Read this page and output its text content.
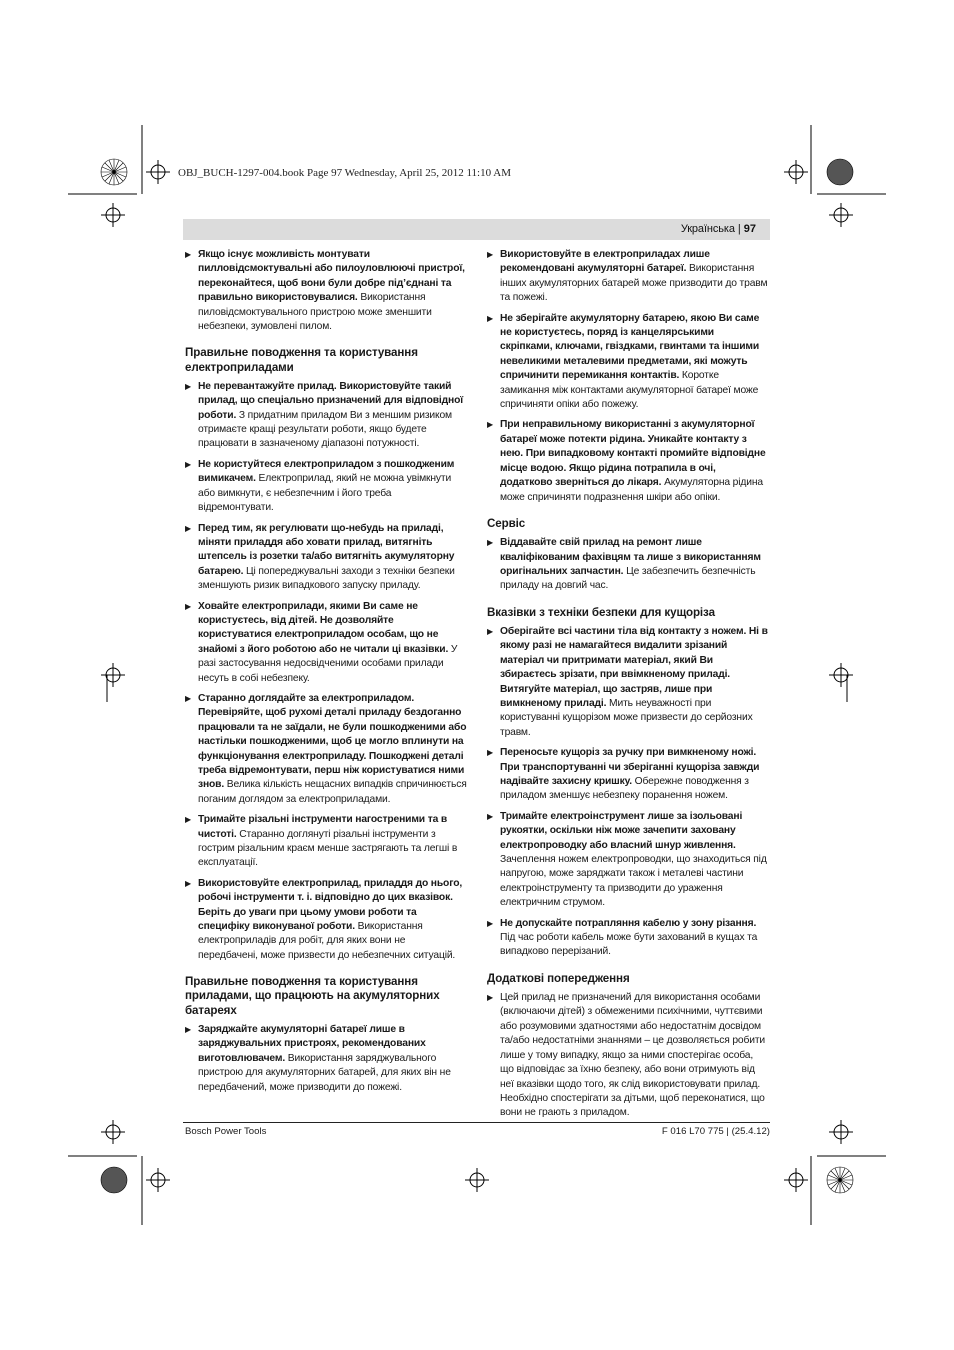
OBJ_BUCH-1297-004.book Page 97 Wednesday, April 25, 2012 11:10 AM
Українська | 97
▶ Якщо існує можливість монтувати пилловідсмоктувальні або пилоуловлюючі пристрої, переконайтеся, щоб вони були добре під’єднані та правильно використовувалися. Використання пиловідсмоктувального пристрою може зменшити небезпеки, зумовлені пилом.
Правильне поводження та користування електроприладами
▶ Не перевантажуйте прилад. Використовуйте такий прилад, що спеціально призначений для відповідної роботи. З придатним приладом Ви з меншим ризиком отримаєте кращі результати роботи, якщо будете працювати в зазначеному діапазоні потужності.
▶ Не користуйтеся електроприладом з пошкодженим вимикачем. Електроприлад, який не можна увімкнути або вимкнути, є небезпечним і його треба відремонтувати.
▶ Перед тим, як регулювати що-небудь на приладі, міняти приладдя або ховати прилад, витягніть штепсель із розетки та/або витягніть акумуляторну батарею. Ці попереджувальні заходи з техніки безпеки зменшують ризик випадкового запуску приладу.
▶ Ховайте електроприлади, якими Ви саме не користуєтесь, від дітей. Не дозволяйте користуватися електроприладом особам, що не знайомі з його роботою або не читали ці вказівки. У разі застосування недосвідченими особами прилади несуть в собі небезпеку.
▶ Старанно доглядайте за електроприладом. Перевіряйте, щоб рухомі деталі приладу бездоганно працювали та не заїдали, не були пошкодженими або настільки пошкодженими, щоб це могло вплинути на функціонування електроприладу. Пошкоджені деталі треба відремонтувати, перш ніж користуватися ними знов. Велика кількість нещасних випадків спричинюється поганим доглядом за електроприладами.
▶ Тримайте різальні інструменти нагостреними та в чистоті. Старанно доглянуті різальні інструменти з гострим різальним краєм менше застрягають та легші в експлуатації.
▶ Використовуйте електроприлад, приладдя до нього, робочі інструменти т. і. відповідно до цих вказівок. Беріть до уваги при цьому умови роботи та специфіку виконуваної роботи. Використання електроприладів для робіт, для яких вони не передбачені, може призвести до небезпечних ситуацій.
Правильне поводження та користування приладами, що працюють на акумуляторних батареях
▶ Заряджайте акумуляторні батареї лише в заряджувальних пристроях, рекомендованих виготовлювачем. Використання заряджувального пристрою для акумуляторних батарей, для яких він не передбачений, може призводити до пожежі.
▶ Використовуйте в електроприладах лише рекомендовані акумуляторні батареї. Використання інших акумуляторних батарей може призводити до травм та пожежі.
▶ Не зберігайте акумуляторну батарею, якою Ви саме не користуєтесь, поряд із канцелярськими скріпками, ключами, гвіздками, гвинтами та іншими невеликими металевими предметами, які можуть спричинити перемикання контактів. Коротке замикання між контактами акумуляторної батареї може спричиняти опіки або пожежу.
▶ При неправильному використанні з акумуляторної батареї може потекти рідина. Уникайте контакту з нею. При випадковому контакті промийте відповідне місце водою. Якщо рідина потрапила в очі, додатково зверніться до лікаря. Акумуляторна рідина може спричиняти подразнення шкіри або опіки.
Сервіс
▶ Віддавайте свій прилад на ремонт лише кваліфікованим фахівцям та лише з використанням оригінальних запчастин. Це забезпечить безпечність приладу на довгий час.
Вказівки з техніки безпеки для кущоріза
▶ Оберігайте всі частини тіла від контакту з ножем. Ні в якому разі не намагайтеся видалити зрізаний матеріал чи притримати матеріал, який Ви збираєтесь зрізати, при ввімкненому приладі. Витягуйте матеріал, що застряв, лише при вимкненому приладі. Мить неуважності при користуванні кущорізом може призвести до серйозних травм.
▶ Переносьте кущоріз за ручку при вимкненому ножі. При транспортуванні чи зберіганні кущоріза завжди надівайте захисну кришку. Обережне поводження з приладом зменшує небезпеку поранення ножем.
▶ Тримайте електроінструмент лише за ізольовані рукоятки, оскільки ніж може зачепити заховану електропроводку або власний шнур живлення. Зачеплення ножем електропроводки, що знаходиться під напругою, може заряджати також і металеві частини електроінструменту та призводити до ураження електричним струмом.
▶ Не допускайте потрапляння кабелю у зону різання. Під час роботи кабель може бути захований в кущах та випадково перерізаний.
Додаткові попередження
▶ Цей прилад не призначений для використання особами (включаючи дітей) з обмеженими психічними, чуттєвими або розумовими здатностями або недостатнім досвідом та/або недостатніми знаннями – це дозволяється робити лише у тому випадку, якщо за ними спостерігає особа, що відповідає за їхню безпеку, або вони отримують від неї вказівки щодо того, як слід використовувати прилад.
Необхідно спостерігати за дітьми, щоб переконатися, що вони не грають з приладом.
Bosch Power Tools	F 016 L70 775 | (25.4.12)
